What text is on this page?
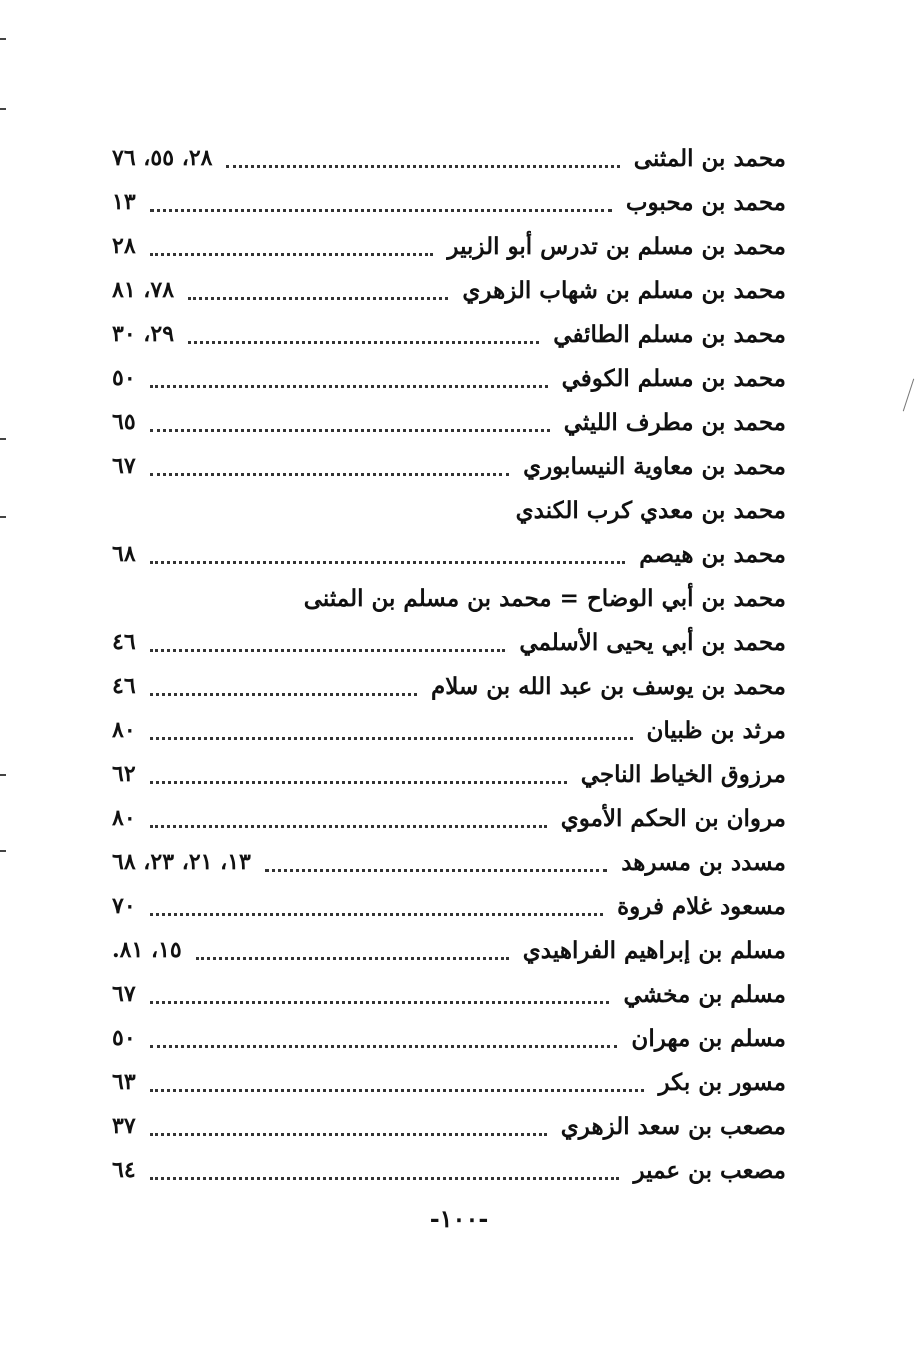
محمد بن المثنى
٢٨، ٥٥، ٧٦
محمد بن محبوب
١٣
محمد بن مسلم بن تدرس أبو الزبير
٢٨
محمد بن مسلم بن شهاب الزهري
٧٨، ٨١
محمد بن مسلم الطائفي
٢٩، ٣٠
محمد بن مسلم الكوفي
٥٠
محمد بن مطرف الليثي
٦٥
محمد بن معاوية النيسابوري
٦٧
محمد بن معدي كرب الكندي
محمد بن هيصم
٦٨
محمد بن أبي الوضاح = محمد بن مسلم بن المثنى
محمد بن أبي يحيى الأسلمي
٤٦
محمد بن يوسف بن عبد الله بن سلام
٤٦
مرثد بن ظبيان
٨٠
مرزوق الخياط الناجي
٦٢
مروان بن الحكم الأموي
٨٠
مسدد بن مسرهد
١٣، ٢١، ٢٣، ٦٨
مسعود غلام فروة
٧٠
مسلم بن إبراهيم الفراهيدي
١٥، ٨١.
مسلم بن مخشي
٦٧
مسلم بن مهران
٥٠
مسور بن بكر
٦٣
مصعب بن سعد الزهري
٣٧
مصعب بن عمير
٦٤
-١٠٠-
